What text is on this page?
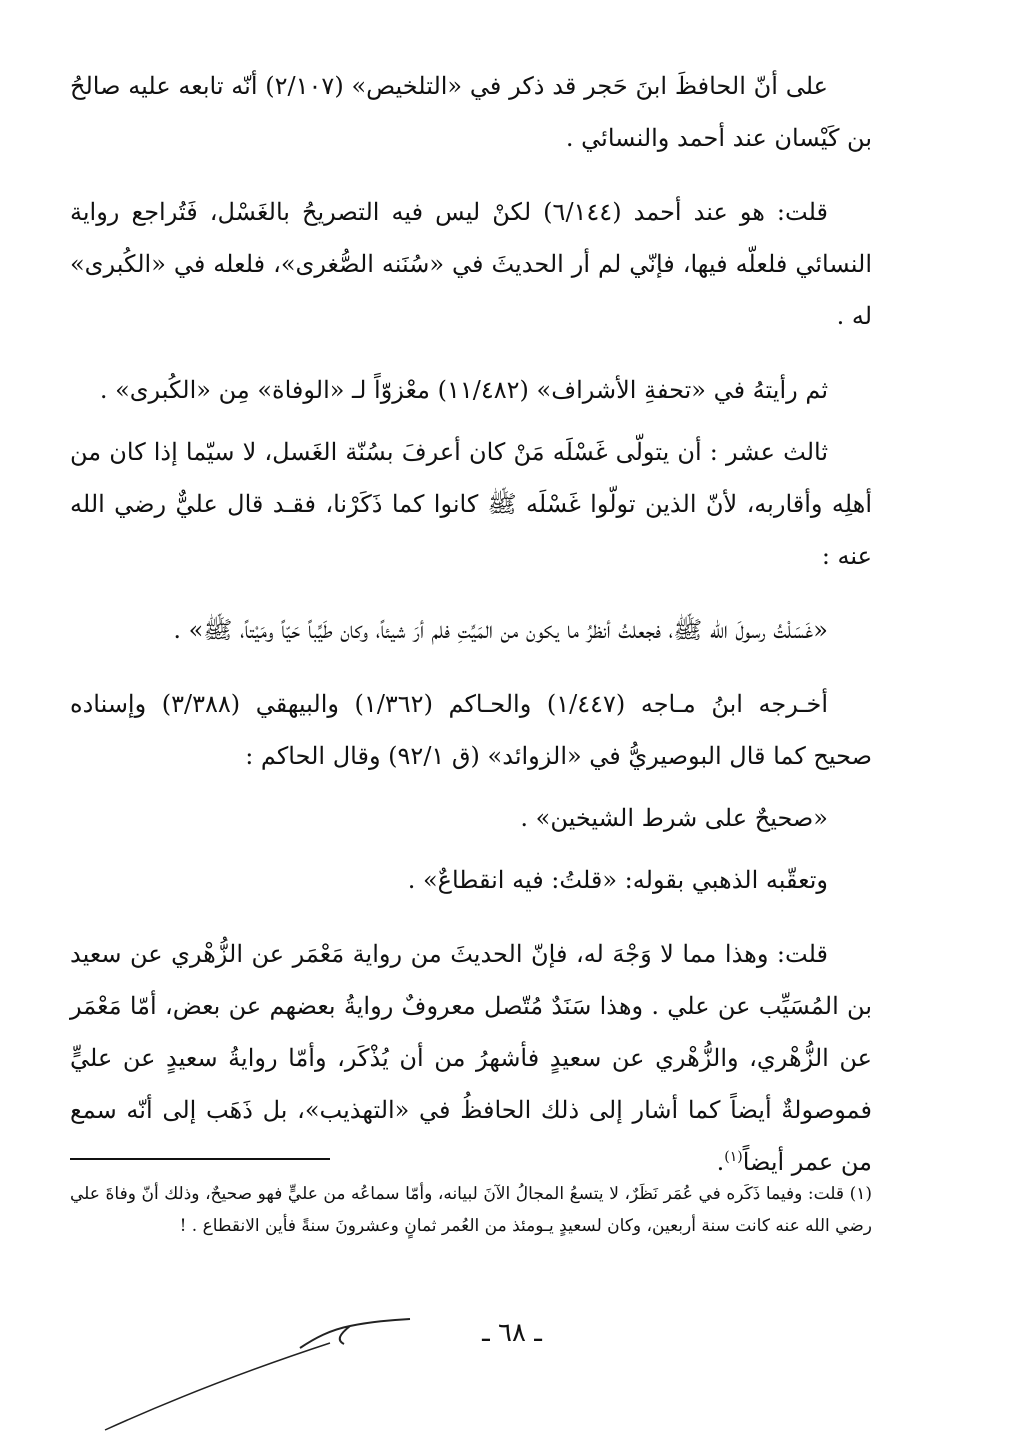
على أنّ الحافظَ ابنَ حَجر قد ذكر في «التلخيص» (٢/١٠٧) أنّه تابعه عليه صالحُ بن كَيْسان عند أحمد والنسائي .

قلت: هو عند أحمد (٦/١٤٤) لكنْ ليس فيه التصريحُ بالغَسْل، فَتُراجع رواية النسائي فلعلّه فيها، فإنّي لم أر الحديثَ في «سُنَنه الصُّغرى»، فلعله في «الكُبرى» له .

ثم رأيتهُ في «تحفةِ الأشراف» (١١/٤٨٢) معْزوّاً لـ «الوفاة» مِن «الكُبرى» .

ثالث عشر : أن يتولّى غَسْلَه مَنْ كان أعرفَ بسُنّة الغَسل، لا سيّما إذا كان من أهلِه وأقاربه، لأنّ الذين تولّوا غَسْلَه ﷺ كانوا كما ذَكَرْنا، فقـد قال عليٌّ رضي الله عنه :

«غَسَلْتُ رسولَ الله ﷺ، فجعلتُ أنظرُ ما يكون من المَيِّتِ فلم أرَ شيئاً، وكان طَيِّباً حَيّاً ومَيْتاً، ﷺ» .

أخـرجه ابنُ مـاجه (١/٤٤٧) والحـاكم (١/٣٦٢) والبيهقي (٣/٣٨٨) وإسناده صحيح كما قال البوصيريُّ في «الزوائد» (ق ٩٢/١) وقال الحاكم :

«صحيحٌ على شرط الشيخين» .

وتعقّبه الذهبي بقوله: «قلتُ: فيه انقطاعٌ» .

قلت: وهذا مما لا وَجْهَ له، فإنّ الحديثَ من رواية مَعْمَر عن الزُّهْري عن سعيد بن المُسَيِّب عن علي . وهذا سَنَدٌ مُتّصل معروفٌ روايةُ بعضهم عن بعض، أمّا مَعْمَر عن الزُّهْري، والزُّهْري عن سعيدٍ فأشهرُ من أن يُذْكَر، وأمّا روايةُ سعيدٍ عن عليٍّ فموصولةٌ أيضاً كما أشار إلى ذلك الحافظُ في «التهذيب»، بل ذَهَب إلى أنّه سمع من عمر أيضاً$^{(١)}$.

(١) قلت: وفيما ذَكَره في عُمَر نَظَرٌ، لا يتسعُ المجالُ الآنَ لبيانه، وأمّا سماعُه من عليٍّ فهو صحيحٌ، وذلك أنّ وفاةَ علي رضي الله عنه كانت سنة أربعين، وكان لسعيدٍ يـومئذ من العُمر ثمانٍ وعشرونَ سنةً فأين الانقطاع . !
ـ ٦٨ ـ
